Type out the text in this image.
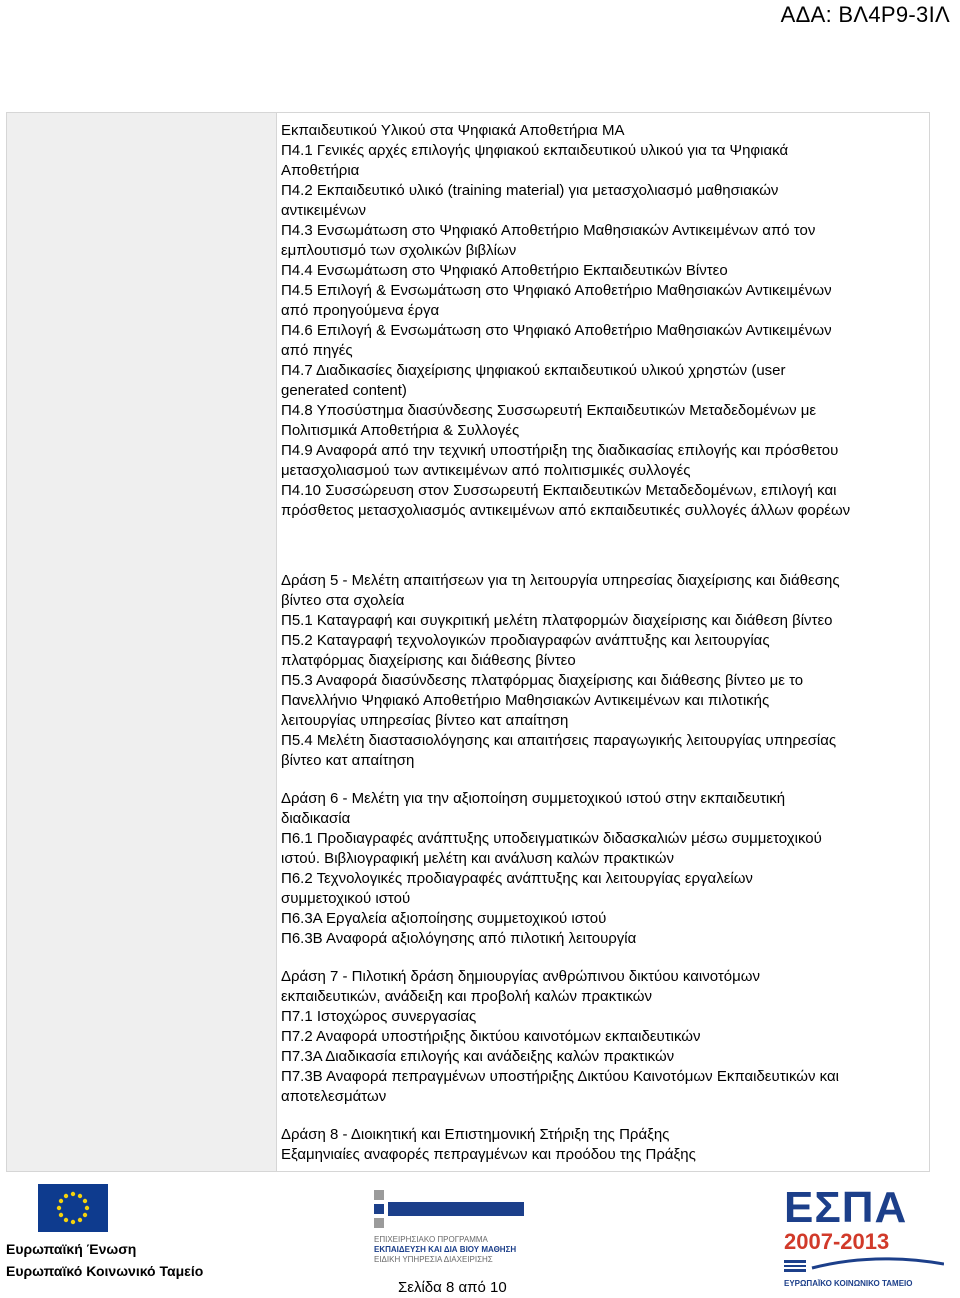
ΑΔΑ: ΒΛ4Ρ9-3ΙΛ

Εκπαιδευτικού Υλικού στα Ψηφιακά Αποθετήρια ΜΑ

Π4.1 Γενικές αρχές επιλογής ψηφιακού εκπαιδευτικού υλικού για τα Ψηφιακά

Αποθετήρια

Π4.2 Εκπαιδευτικό υλικό (training material) για μετασχολιασμό μαθησιακών

αντικειμένων

Π4.3 Ενσωμάτωση στο Ψηφιακό Αποθετήριο Μαθησιακών Αντικειμένων από τον

εμπλουτισμό των σχολικών βιβλίων

Π4.4 Ενσωμάτωση στο Ψηφιακό Αποθετήριο Εκπαιδευτικών Βίντεο

Π4.5 Επιλογή & Ενσωμάτωση στο Ψηφιακό Αποθετήριο Μαθησιακών Αντικειμένων

από προηγούμενα έργα

Π4.6 Επιλογή & Ενσωμάτωση στο Ψηφιακό Αποθετήριο Μαθησιακών Αντικειμένων

από πηγές

Π4.7 Διαδικασίες διαχείρισης ψηφιακού εκπαιδευτικού υλικού χρηστών (user

generated content)

Π4.8 Υποσύστημα διασύνδεσης Συσσωρευτή Εκπαιδευτικών Μεταδεδομένων με

Πολιτισμικά Αποθετήρια & Συλλογές

Π4.9 Αναφορά από την τεχνική υποστήριξη της διαδικασίας επιλογής και πρόσθετου

μετασχολιασμού των αντικειμένων από πολιτισμικές συλλογές

Π4.10 Συσσώρευση στον Συσσωρευτή Εκπαιδευτικών Μεταδεδομένων, επιλογή και

πρόσθετος μετασχολιασμός αντικειμένων από εκπαιδευτικές συλλογές άλλων φορέων

Δράση 5 - Μελέτη απαιτήσεων για τη λειτουργία υπηρεσίας διαχείρισης και διάθεσης

βίντεο στα σχολεία

Π5.1 Καταγραφή και συγκριτική μελέτη πλατφορμών διαχείρισης και διάθεση βίντεο

Π5.2 Καταγραφή τεχνολογικών προδιαγραφών ανάπτυξης και λειτουργίας

πλατφόρμας διαχείρισης και διάθεσης βίντεο

Π5.3 Αναφορά διασύνδεσης πλατφόρμας διαχείρισης και διάθεσης βίντεο με το

Πανελλήνιο Ψηφιακό Αποθετήριο Μαθησιακών Αντικειμένων και πιλοτικής

λειτουργίας υπηρεσίας βίντεο κατ απαίτηση

Π5.4 Μελέτη διαστασιολόγησης και απαιτήσεις παραγωγικής λειτουργίας υπηρεσίας

βίντεο κατ απαίτηση

Δράση 6 - Μελέτη για την αξιοποίηση συμμετοχικού ιστού στην εκπαιδευτική

διαδικασία

Π6.1 Προδιαγραφές ανάπτυξης υποδειγματικών διδασκαλιών μέσω συμμετοχικού

ιστού. Βιβλιογραφική μελέτη και ανάλυση καλών πρακτικών

Π6.2 Τεχνολογικές προδιαγραφές ανάπτυξης και λειτουργίας εργαλείων

συμμετοχικού ιστού

Π6.3Α Εργαλεία αξιοποίησης συμμετοχικού ιστού

Π6.3Β Αναφορά αξιολόγησης από πιλοτική λειτουργία

Δράση 7 - Πιλοτική δράση δημιουργίας ανθρώπινου δικτύου καινοτόμων

εκπαιδευτικών, ανάδειξη και προβολή καλών πρακτικών

Π7.1 Ιστοχώρος συνεργασίας

Π7.2 Αναφορά υποστήριξης δικτύου καινοτόμων εκπαιδευτικών

Π7.3Α Διαδικασία επιλογής και ανάδειξης καλών πρακτικών

Π7.3Β Αναφορά πεπραγμένων υποστήριξης Δικτύου Καινοτόμων Εκπαιδευτικών και

αποτελεσμάτων

Δράση 8 - Διοικητική και Επιστημονική Στήριξη της Πράξης

Εξαμηνιαίες αναφορές πεπραγμένων και προόδου της Πράξης

Ευρωπαϊκή Ένωση

Ευρωπαϊκό Κοινωνικό Ταμείο

ΕΠΙΧΕΙΡΗΣΙΑΚΟ ΠΡΟΓΡΑΜΜΑ

ΕΚΠΑΙΔΕΥΣΗ ΚΑΙ ΔΙΑ ΒΙΟΥ ΜΑΘΗΣΗ

ΕΙΔΙΚΗ ΥΠΗΡΕΣΙΑ ΔΙΑΧΕΙΡΙΣΗΣ

ΕΣΠΑ

2007-2013

ΕΥΡΩΠΑΪΚΟ ΚΟΙΝΩΝΙΚΟ ΤΑΜΕΙΟ

Σελίδα 8 από 10
